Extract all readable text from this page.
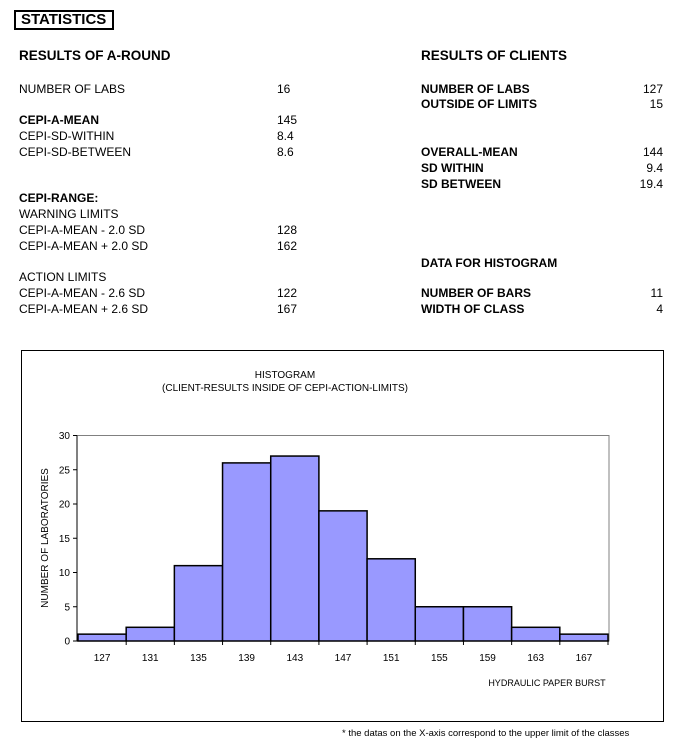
STATISTICS
RESULTS OF A-ROUND
NUMBER OF LABS	16
CEPI-A-MEAN	145
CEPI-SD-WITHIN	8.4
CEPI-SD-BETWEEN	8.6
CEPI-RANGE:
WARNING LIMITS
CEPI-A-MEAN - 2.0 SD	128
CEPI-A-MEAN + 2.0 SD	162
ACTION LIMITS
CEPI-A-MEAN - 2.6 SD	122
CEPI-A-MEAN + 2.6 SD	167
RESULTS OF CLIENTS
NUMBER OF LABS	127
OUTSIDE OF LIMITS	15
OVERALL-MEAN	144
SD WITHIN	9.4
SD BETWEEN	19.4
DATA FOR HISTOGRAM
NUMBER OF BARS	11
WIDTH OF CLASS	4
HISTOGRAM
(CLIENT-RESULTS INSIDE OF CEPI-ACTION-LIMITS)
0
5
10
15
20
25
30
127	131	135	139	143	147	151	155	159	163	167
NUMBER OF LABORATORIES
HYDRAULIC PAPER BURST
* the datas on the X-axis correspond to the upper limit of the classes
